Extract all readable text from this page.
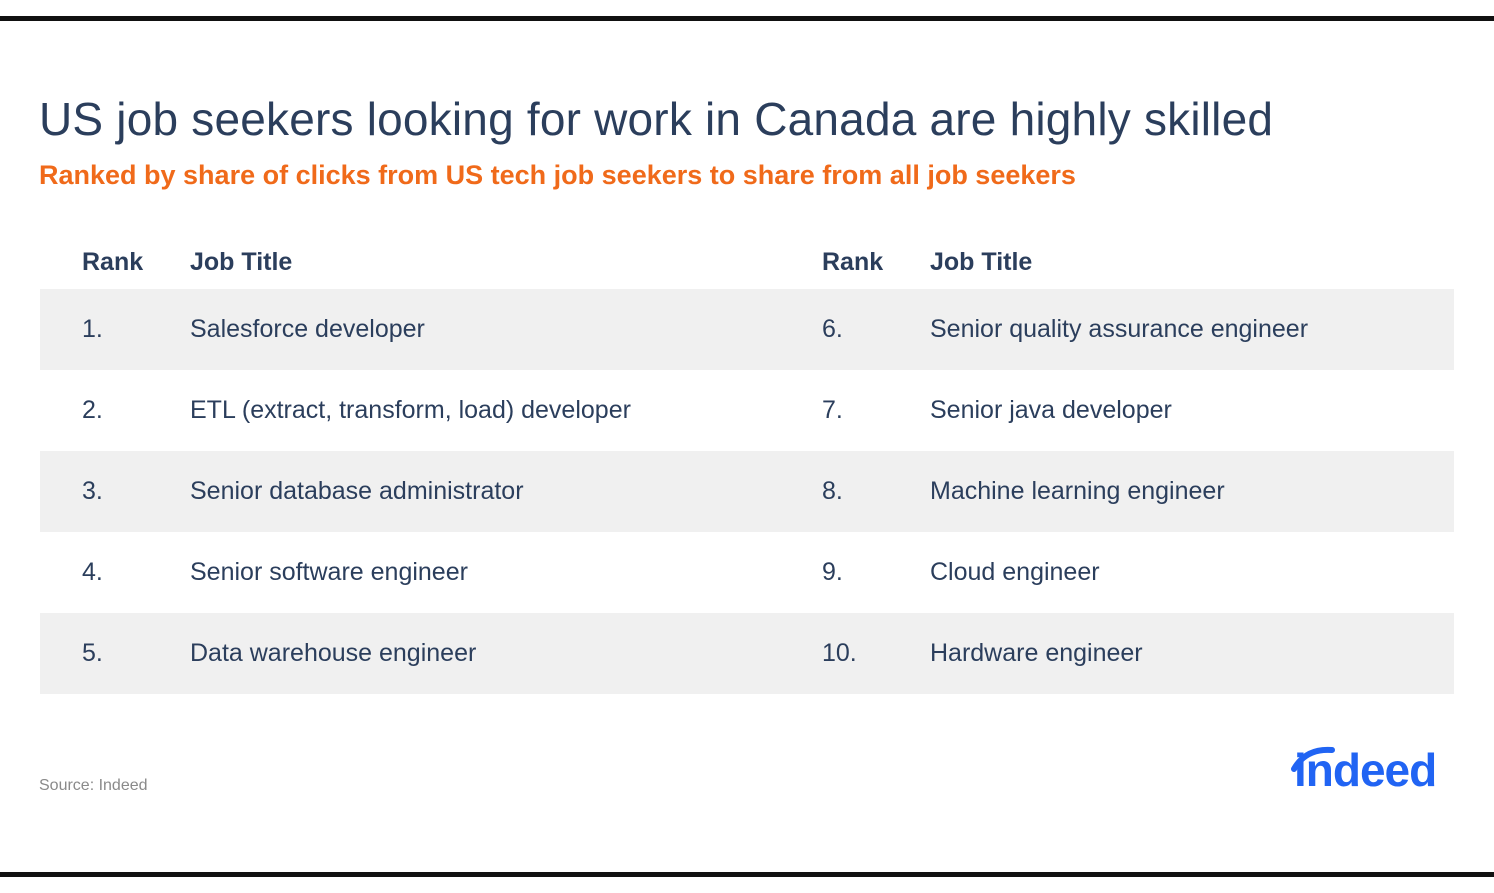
US job seekers looking for work in Canada are highly skilled
Ranked by share of clicks from US tech job seekers to share from all job seekers
Rank Job Title	Rank Job Title
1.	Salesforce developer	6.	Senior quality assurance engineer
2.	ETL (extract, transform, load) developer	7.	Senior java developer
3.	Senior database administrator	8.	Machine learning engineer
4.	Senior software engineer	9.	Cloud engineer
5.	Data warehouse engineer	10.	Hardware engineer
Source: Indeed	indeed
